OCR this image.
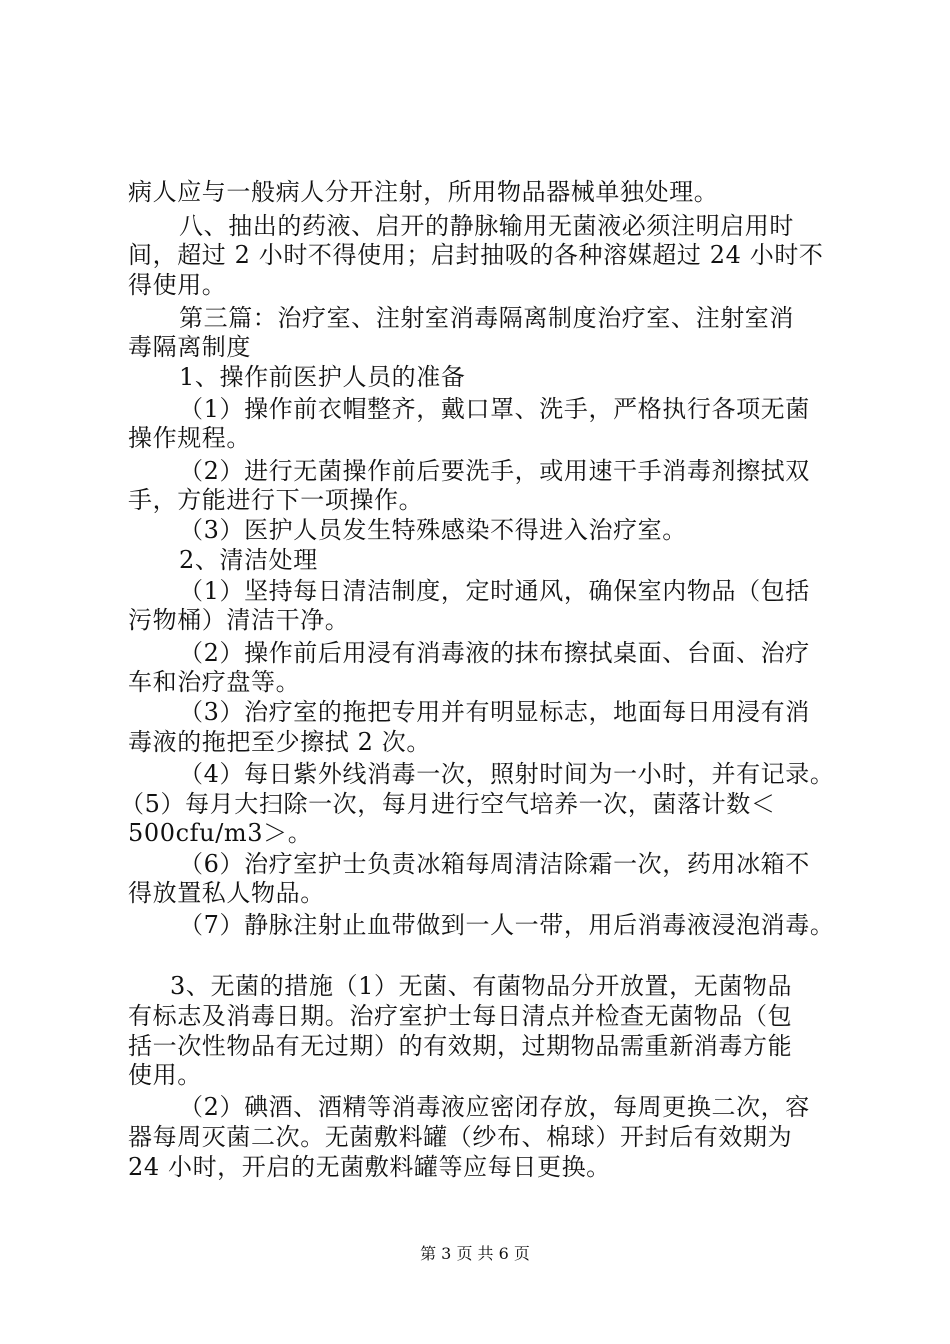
病人应与一般病人分开注射，所用物品器械单独处理。
八、抽出的药液、启开的静脉输用无菌液必须注明启用时
间，超过 2 小时不得使用；启封抽吸的各种溶媒超过 24 小时不
得使用。
第三篇：治疗室、注射室消毒隔离制度治疗室、注射室消
毒隔离制度
1、操作前医护人员的准备
（1）操作前衣帽整齐，戴口罩、洗手，严格执行各项无菌
操作规程。
（2）进行无菌操作前后要洗手，或用速干手消毒剂擦拭双
手，方能进行下一项操作。
（3）医护人员发生特殊感染不得进入治疗室。
2、清洁处理
（1）坚持每日清洁制度，定时通风，确保室内物品（包括
污物桶）清洁干净。
（2）操作前后用浸有消毒液的抹布擦拭桌面、台面、治疗
车和治疗盘等。
（3）治疗室的拖把专用并有明显标志，地面每日用浸有消
毒液的拖把至少擦拭 2 次。
（4）每日紫外线消毒一次，照射时间为一小时，并有记录。
（5）每月大扫除一次，每月进行空气培养一次，菌落计数＜
500cfu/m3＞。
（6）治疗室护士负责冰箱每周清洁除霜一次，药用冰箱不
得放置私人物品。
（7）静脉注射止血带做到一人一带，用后消毒液浸泡消毒。
3、无菌的措施（1）无菌、有菌物品分开放置，无菌物品
有标志及消毒日期。治疗室护士每日清点并检查无菌物品（包
括一次性物品有无过期）的有效期，过期物品需重新消毒方能
使用。
（2）碘酒、酒精等消毒液应密闭存放，每周更换二次，容
器每周灭菌二次。无菌敷料罐（纱布、棉球）开封后有效期为
24 小时，开启的无菌敷料罐等应每日更换。
第 3 页 共 6 页
